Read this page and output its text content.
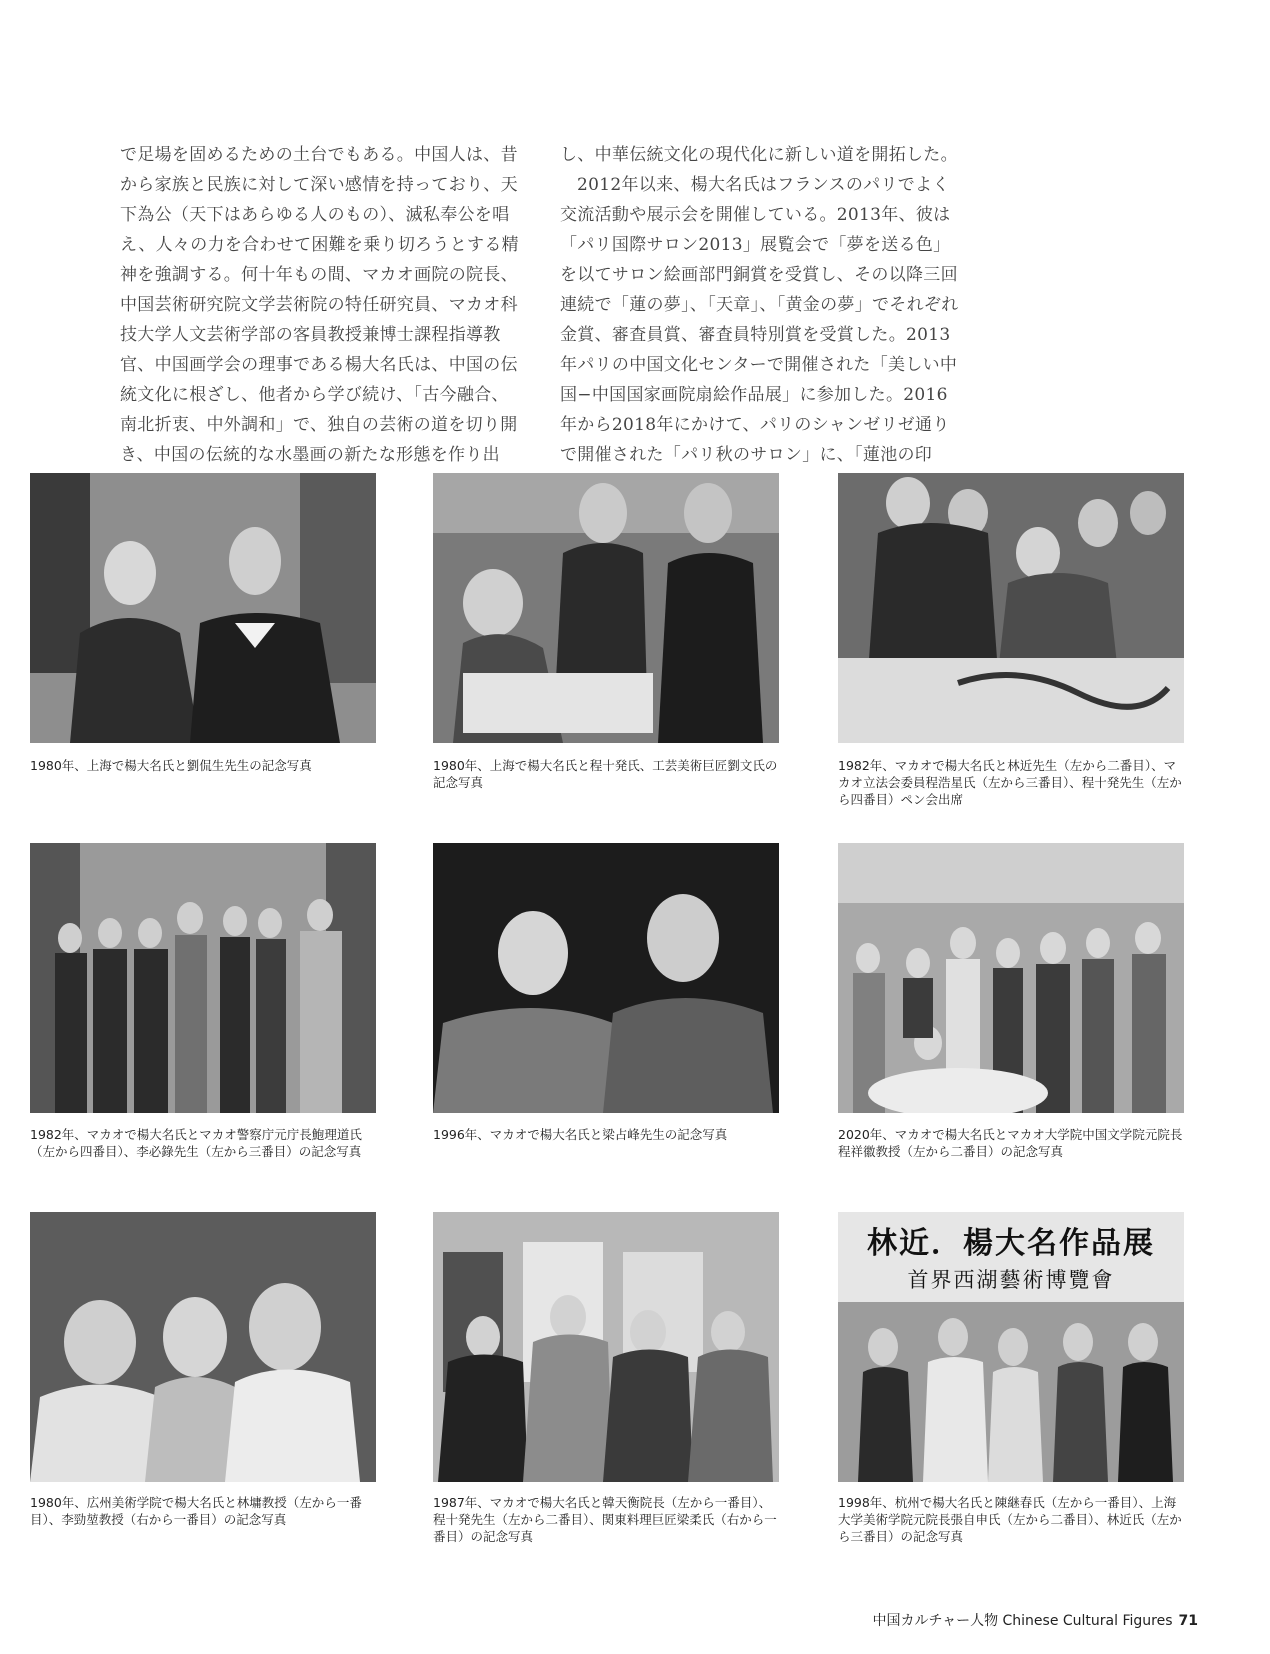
で足場を固めるための土台でもある。中国人は、昔から家族と民族に対して深い感情を持っており、天下為公（天下はあらゆる人のもの）、滅私奉公を唱え、人々の力を合わせて困難を乗り切ろうとする精神を強調する。何十年もの間、マカオ画院の院長、中国芸術研究院文学芸術院の特任研究員、マカオ科技大学人文芸術学部の客員教授兼博士課程指導教官、中国画学会の理事である楊大名氏は、中国の伝統文化に根ざし、他者から学び続け、「古今融合、南北折衷、中外調和」で、独自の芸術の道を切り開き、中国の伝統的な水墨画の新たな形態を作り出

し、中華伝統文化の現代化に新しい道を開拓した。

2012年以来、楊大名氏はフランスのパリでよく交流活動や展示会を開催している。2013年、彼は「パリ国際サロン2013」展覧会で「夢を送る色」を以てサロン絵画部門銅賞を受賞し、その以降三回連続で「蓮の夢」、「天章」、「黄金の夢」でそれぞれ金賞、審査員賞、審査員特別賞を受賞した。2013年パリの中国文化センターで開催された「美しい中国−中国国家画院扇絵作品展」に参加した。2016年から2018年にかけて、パリのシャンゼリゼ通りで開催された「パリ秋のサロン」に、「蓮池の印

1980年、上海で楊大名氏と劉侃生先生の記念写真	1980年、上海で楊大名氏と程十発氏、工芸美術巨匠劉文氏の記念写真
1982年、マカオで楊大名氏と林近先生（左から二番目）、マカオ立法会委員程浩星氏（左から三番目）、程十発先生（左から四番目）ペン会出席
1982年、マカオで楊大名氏とマカオ警察庁元庁長鮑理道氏（左から四番目）、李必錄先生（左から三番目）の記念写真
1996年、マカオで楊大名氏と梁占峰先生の記念写真	2020年、マカオで楊大名氏とマカオ大学院中国文学院元院長程祥徽教授（左から二番目）の記念写真
林近．楊大名作品展
首界西湖藝術博覽會
1980年、広州美術学院で楊大名氏と林墉教授（左から一番目）、李勁堃教授（右から一番目）の記念写真
1987年、マカオで楊大名氏と韓天衡院長（左から一番目）、程十発先生（左から二番目）、関東料理巨匠梁柔氏（右から一番目）の記念写真
1998年、杭州で楊大名氏と陳継春氏（左から一番目）、上海大学美術学院元院長張自申氏（左から二番目）、林近氏（左から三番目）の記念写真
中国カルチャー人物 Chinese Cultural Figures 71
